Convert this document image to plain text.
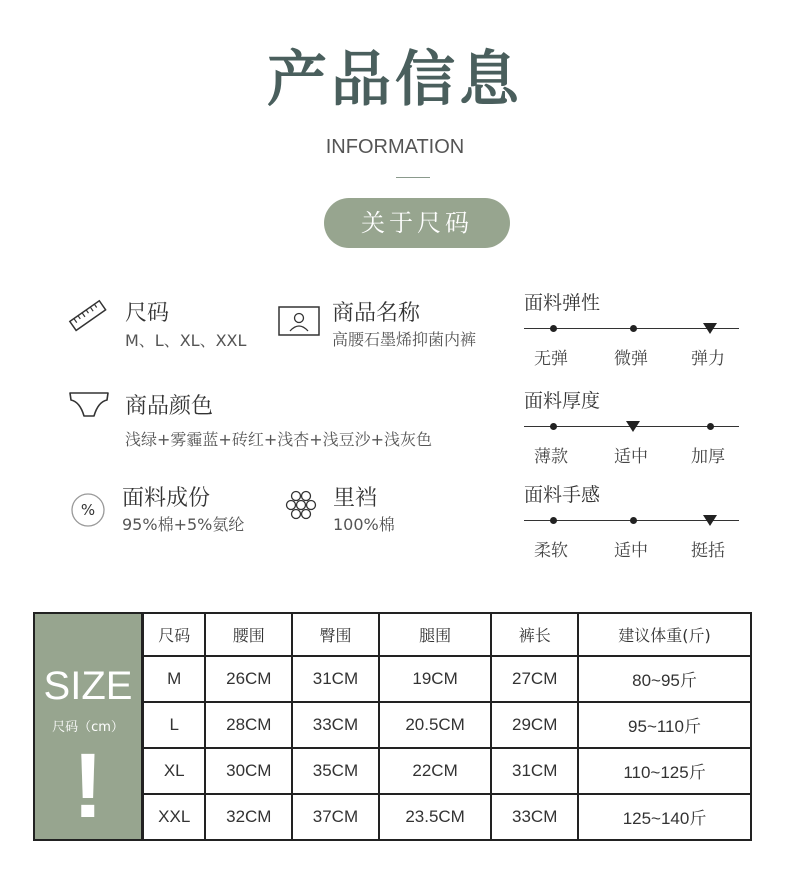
产品信息
INFORMATION
关于尺码
尺码
M、L、XL、XXL
商品名称
高腰石墨烯抑菌内裤
商品颜色
浅绿+雾霾蓝+砖红+浅杏+浅豆沙+浅灰色
% 面料成份
95%棉+5%氨纶
里裆
100%棉
面料弹性
无弹	微弹	弹力
面料厚度
薄款	适中	加厚
面料手感
柔软	适中	挺括
SIZE
尺码（cm）
!
尺码	腰围	臀围	腿围	裤长	建议体重(斤)
M	26CM	31CM	19CM	27CM	80~95斤
L	28CM	33CM	20.5CM	29CM	95~110斤
XL	30CM	35CM	22CM	31CM	110~125斤
XXL	32CM	37CM	23.5CM	33CM	125~140斤
